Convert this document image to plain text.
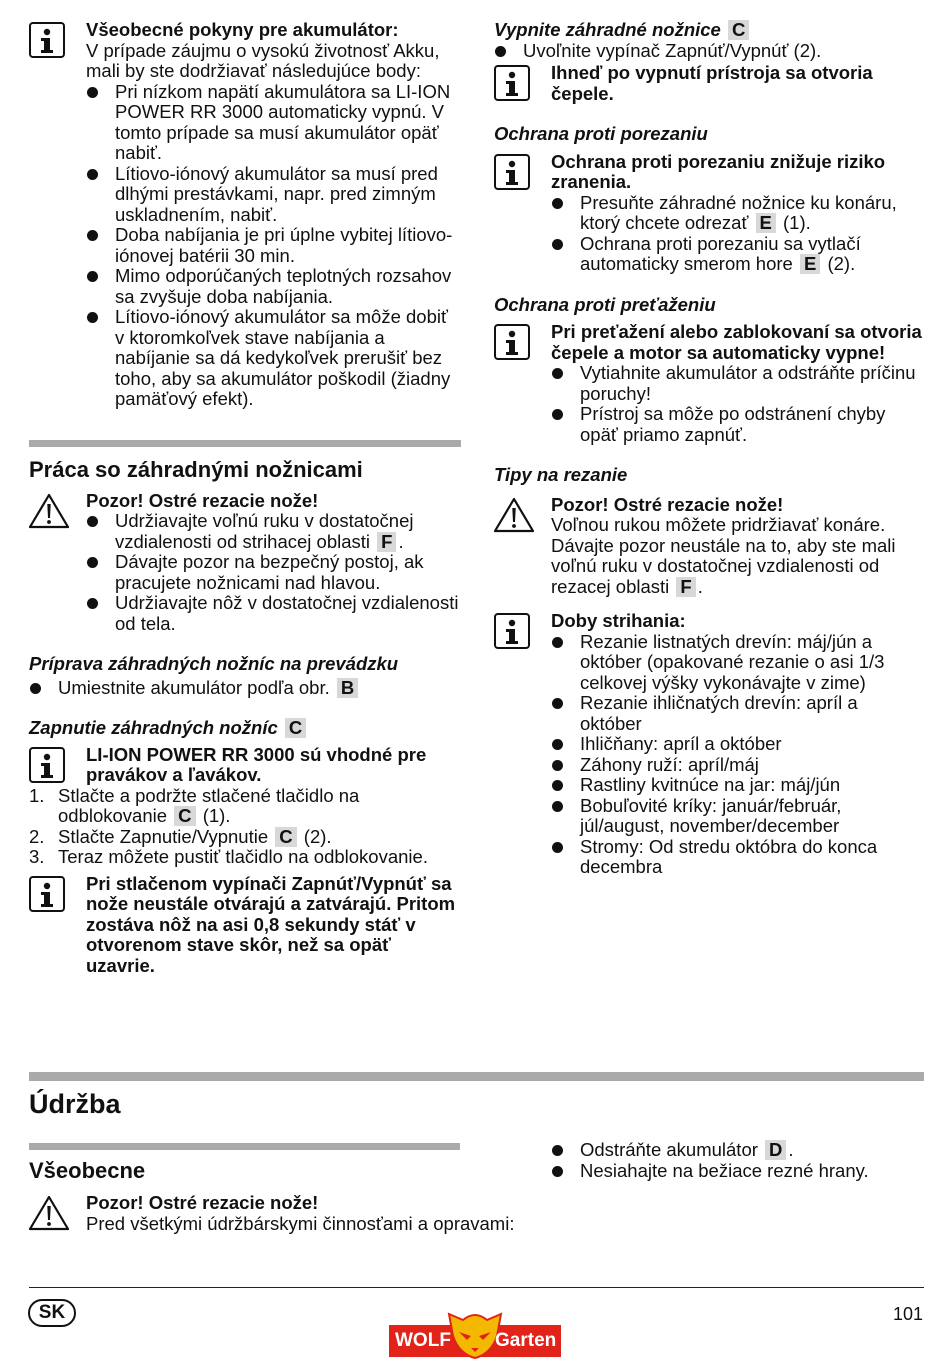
Všeobecné pokyny pre akumulátor:
V prípade záujmu o vysokú životnosť Akku, mali by ste dodržiavať následujúce body:
Pri nízkom napätí akumulátora sa LI-ION POWER RR 3000 automaticky vypnú. V tomto prípade sa musí akumulátor opäť nabiť.
Lítiovo-iónový akumulátor sa musí pred dlhými prestávkami, napr. pred zimným uskladnením, nabiť.
Doba nabíjania je pri úplne vybitej lítiovo-iónovej batérii 30 min.
Mimo odporúčaných teplotných rozsahov sa zvyšuje doba nabíjania.
Lítiovo-iónový akumulátor sa môže dobiť v ktoromkoľvek stave nabíjania a nabíjanie sa dá kedykoľvek prerušiť bez toho, aby sa akumulátor poškodil (žiadny pamäťový efekt).
Práca so záhradnými nožnicami
Pozor! Ostré rezacie nože!
Udržiavajte voľnú ruku v dostatočnej vzdialenosti od strihacej oblasti F .
Dávajte pozor na bezpečný postoj, ak pracujete nožnicami nad hlavou.
Udržiavajte nôž v dostatočnej vzdialenosti od tela.
Príprava záhradných nožníc na prevádzku
Umiestnite akumulátor podľa obr. B
Zapnutie záhradných nožníc C
LI-ION POWER RR 3000 sú vhodné pre pravákov a ľavákov.
1. Stlačte a podržte stlačené tlačidlo na odblokovanie C (1).
2. Stlačte Zapnutie/Vypnutie C (2).
3. Teraz môžete pustiť tlačidlo na odblokovanie.
Pri stlačenom vypínači Zapnúť/Vypnúť sa nože neustále otvárajú a zatvárajú. Pritom zostáva nôž na asi 0,8 sekundy stáť v otvorenom stave skôr, než sa opäť uzavrie.
Vypnite záhradné nožnice C
Uvoľnite vypínač Zapnúť/Vypnúť (2).
Ihneď po vypnutí prístroja sa otvoria čepele.
Ochrana proti porezaniu
Ochrana proti porezaniu znižuje riziko zranenia.
Presuňte záhradné nožnice ku konáru, ktorý chcete odrezať E (1).
Ochrana proti porezaniu sa vytlačí automaticky smerom hore E (2).
Ochrana proti preťaženiu
Pri preťažení alebo zablokovaní sa otvoria čepele a motor sa automaticky vypne!
Vytiahnite akumulátor a odstráňte príčinu poruchy!
Prístroj sa môže po odstránení chyby opäť priamo zapnúť.
Tipy na rezanie
Pozor! Ostré rezacie nože!
Voľnou rukou môžete pridržiavať konáre. Dávajte pozor neustále na to, aby ste mali voľnú ruku v dostatočnej vzdialenosti od rezacej oblasti F .
Doby strihania:
Rezanie listnatých drevín: máj/jún a október (opakované rezanie o asi 1/3 celkovej výšky vykonávajte v zime)
Rezanie ihličnatých drevín: apríl a október
Ihličňany: apríl a október
Záhony ruží: apríl/máj
Rastliny kvitnúce na jar: máj/jún
Bobuľovité kríky: január/február, júl/august, november/december
Stromy: Od stredu októbra do konca decembra
Údržba
Všeobecne
Pozor! Ostré rezacie nože!
Pred všetkými údržbárskymi činnosťami a opravami:
Odstráňte akumulátor D .
Nesiahajte na bežiace rezné hrany.
SK	101
WOLF Garten
